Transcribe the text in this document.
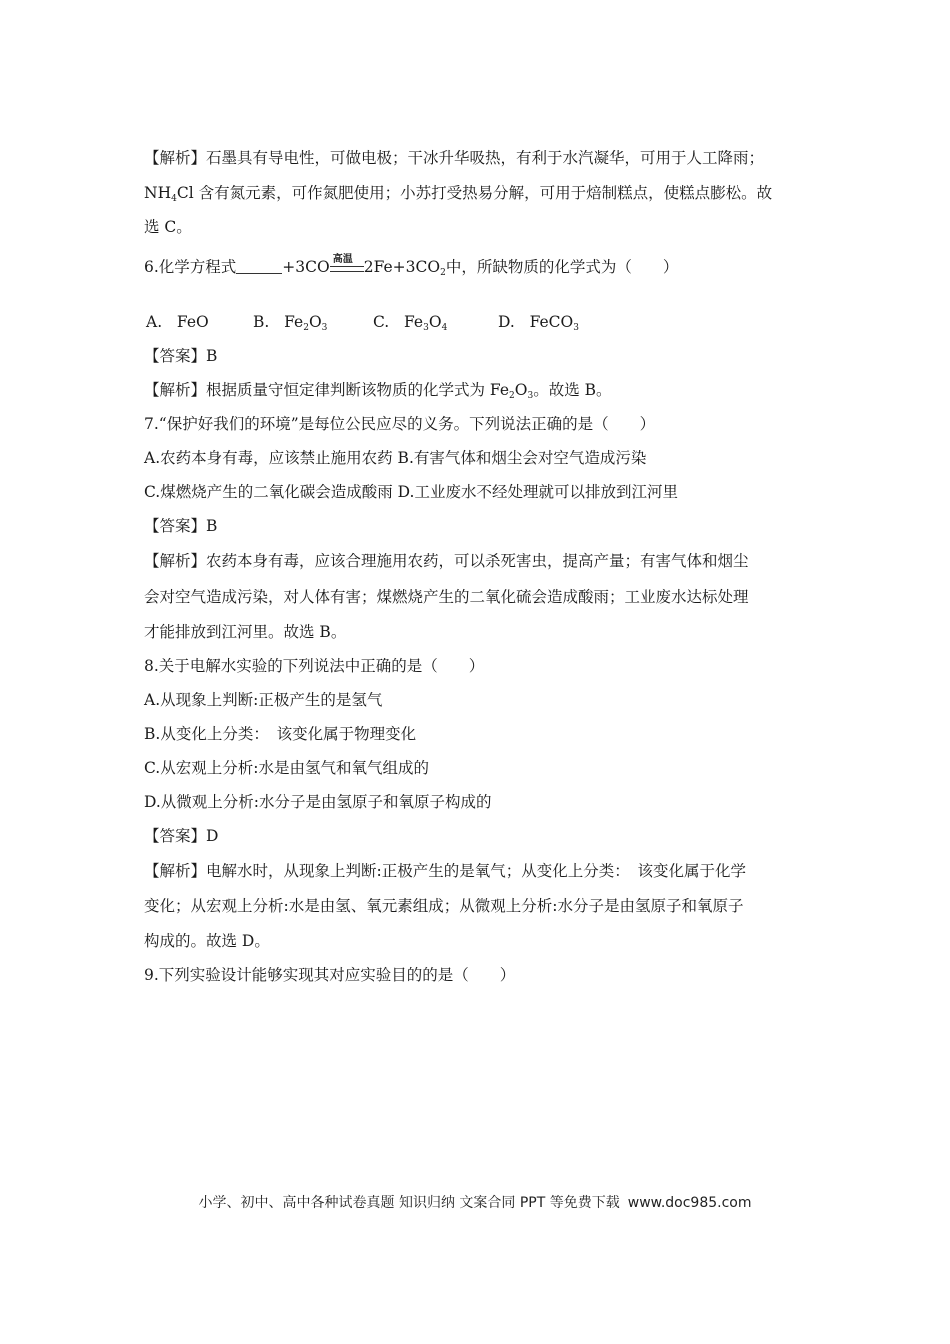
【解析】石墨具有导电性，可做电极；干冰升华吸热，有利于水汽凝华，可用于人工降雨；
$NH_4Cl$ 含有氮元素，可作氮肥使用；小苏打受热易分解，可用于焙制糕点，使糕点膨松。故
选 C。
6.化学方程式	+3CO 高温 $2Fe+3CO_2$中，所缺物质的化学式为（　　）
A. FeO	B. $Fe_2O_3$	C. $Fe_3O_4$	D. FeCO$_3$
【答案】B
【解析】根据质量守恒定律判断该物质的化学式为 $Fe_2O_3$。故选 B。
7.“保护好我们的环境”是每位公民应尽的义务。下列说法正确的是（　　）
A.农药本身有毒，应该禁止施用农药 B.有害气体和烟尘会对空气造成污染
C.煤燃烧产生的二氧化碳会造成酸雨 D.工业废水不经处理就可以排放到江河里
【答案】B
【解析】农药本身有毒，应该合理施用农药，可以杀死害虫，提高产量；有害气体和烟尘
会对空气造成污染，对人体有害；煤燃烧产生的二氧化硫会造成酸雨；工业废水达标处理
才能排放到江河里。故选 B。
8.关于电解水实验的下列说法中正确的是（　　）
A.从现象上判断:正极产生的是氢气
B.从变化上分类：　该变化属于物理变化
C.从宏观上分析:水是由氢气和氧气组成的
D.从微观上分析:水分子是由氢原子和氧原子构成的
【答案】D
【解析】电解水时，从现象上判断:正极产生的是氧气；从变化上分类：　该变化属于化学
变化；从宏观上分析:水是由氢、氧元素组成；从微观上分析:水分子是由氢原子和氧原子
构成的。故选 D。
9.下列实验设计能够实现其对应实验目的的是（　　）
小学、初中、高中各种试卷真题 知识归纳 文案合同 PPT 等免费下载 www.doc985.com
